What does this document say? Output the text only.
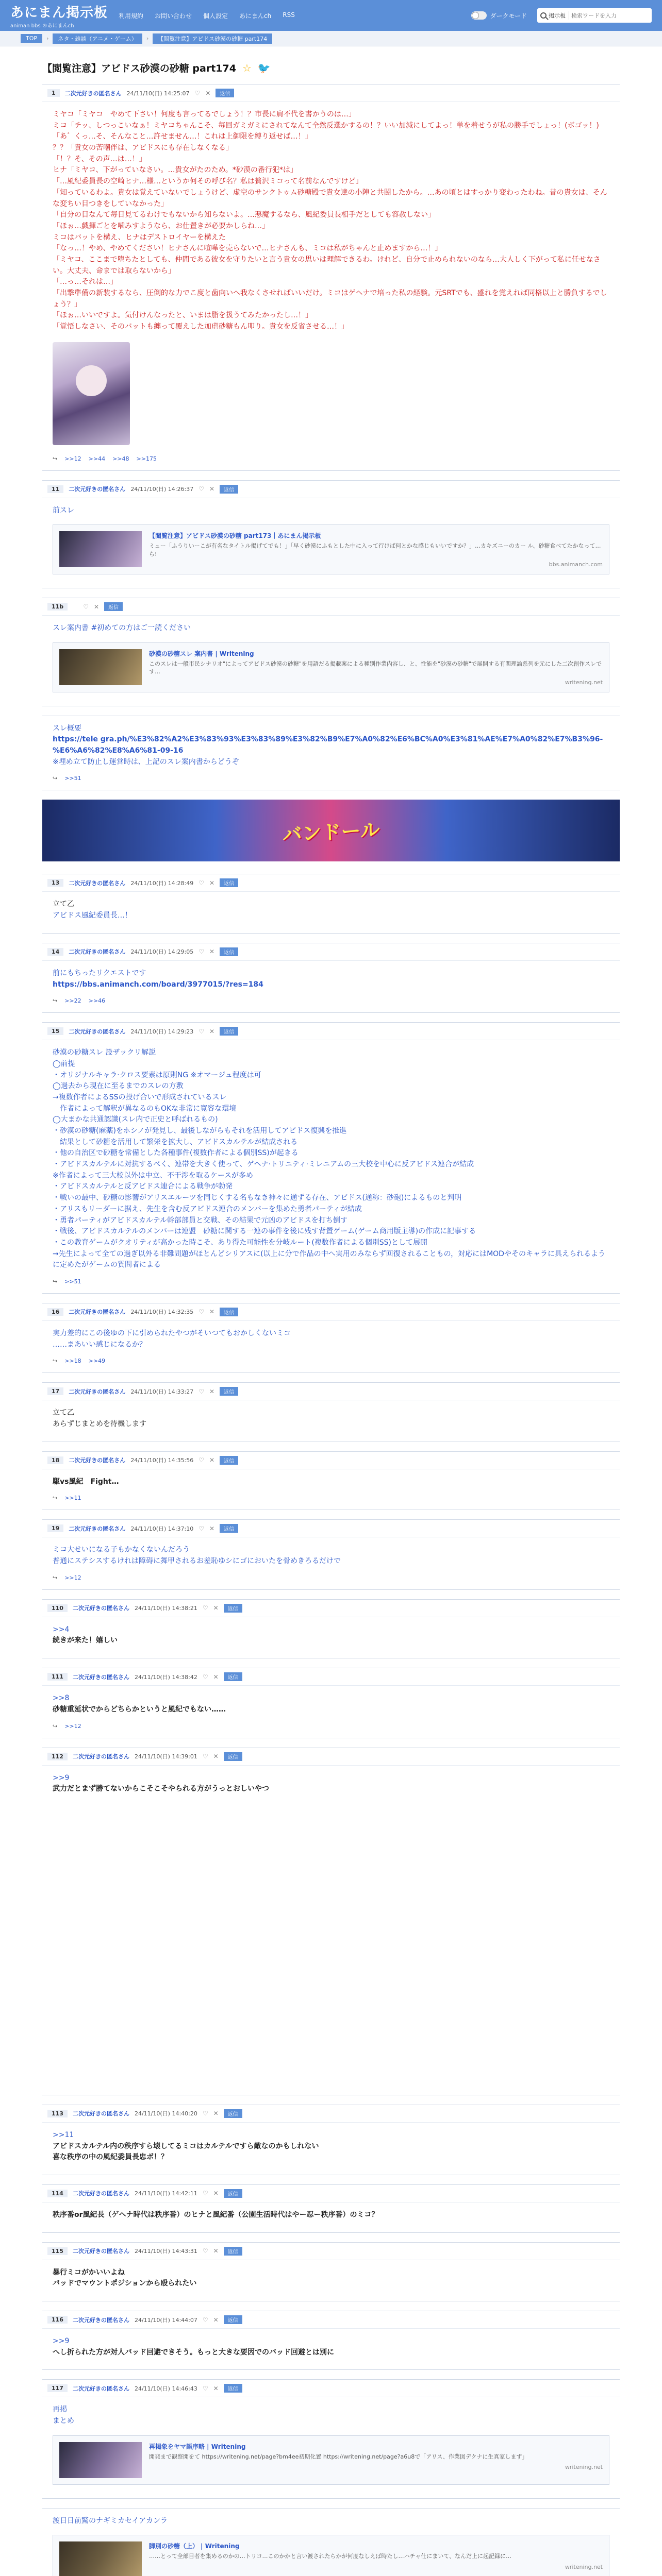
あにまん掲示板
animan bbs ®あにまんch
利用規約 お問い合わせ 個人設定 あにまんch RSS	ダークモード	掲示板
検索ワードを入力
TOP	›	ネタ・雑談（アニメ・ゲーム）	›	【閲覧注意】アビドス砂漠の砂糖 part174
【閲覧注意】アビドス砂漠の砂糖 part174 ☆ 🐦
1	二次元好きの匿名さん 24/11/10(日) 14:25:07 ♡ ✕	返信
ミヤコ「ミヤコ　やめて下さい！何度も言ってるでしょう！？市長に肩不代を書かうのは…」
ミコ「チッ、しつっこいなぁ！ミヤコちゃんこそ、毎回ガミガミにされてなんて全然反選かするの！？いい加減にしてよっ！単を着せうが私の勝手でしょっ！(ボゴッ！)
「あ゛くっ…そ、そんなこと…許せません…！これは上御限を縛り返せば…！」
？？「貴女の苦嘲伴は、アビドスにも存在しなくなる」
「！？そ、その声…は…！」
ヒナ「ミヤコ、下がっていなさい。…貴女がたのため。*砂漠の番行犯*は」
「…風紀委員長の空崎ヒナ…様…というか何その呼び名？私は贅沢ミコって名前なんですけど」
「知っているわよ。貴女は覚えていないでしょうけど、虚空のサンクトゥム砂糖殿で貴女達の小陣と共闘したから。…あの頃とはすっかり変わったわね。昔の貴女は、そんな変ちい目つきをしていなかった」
「自分の目なんて毎日見てるわけでもないから知らないよ。…悪魔するなら、風紀委員長相手だとしても容赦しない」
「ほぉ…戯揮ごとを噛みすようなら、お仕置きが必要かしらね…」
ミコはバットを構え、ヒナはデストロイヤーを構えた
「なっ…！やめ、やめてください！ヒナさんに喧嘩を売らないで…ヒナさんも、ミコは私がちゃんと止めますから…！」
「ミヤコ、ここまで堕ちたとしても、仲間である彼女を守りたいと言う貴女の思いは理解できるわ。けれど、自分で止められないのなら…大人しく下がって私に任せなさい。大丈夫、命までは取らないから」
「…っ…それは…」
「出撃準備の新装するなら、圧倒的な力でこ度と歯向いへ我なくさせればいいだけ。ミコはゲヘナで培った私の経験。元SRTでも、盛れを覚えれば同格以上と勝負するでしょう？」
「ほぉ…いいですよ。気付けんなったと、いまは脂を扱うてみたかったし…！」
「覚悟しなさい、そのバットも纏って覆えした加虐砂糖もん叩り。貴女を反省させる…！」
↪ >>12 >>44 >>48 >>175
11	二次元好きの匿名さん 24/11/10(日) 14:26:37 ♡ ✕	返信
前スレ
【閲覧注意】アビドス砂漠の砂糖 part173｜あにまん掲示板
ミュー「ふうりいーこが有名なタイトル掲げてでも！」「早く砂漠にふもとした中に入って行けば何とかな感じもいいですか？」…カキズニーのカー ル、砂糖食べてたかなって…ら!
bbs.animanch.com
11b	♡ ✕	返信
スレ案内書 #初めての方はご一読ください
砂漠の砂糖スレ 案内書 | Writening
このスレは一般市民シナリオ"によってアビドス砂漠の砂糖"を用語だる掲載案による種別作業内容し、と、性能を"砂漠の砂糖"で展開する有関理論系列を元にした二次創作スレです…
writening.net
スレ概要
https://tele gra.ph/%E3%82%A2%E3%83%93%E3%83%89%E3%82%B9%E7%A0%82%E6%BC%A0%E3%81%AE%E7%A0%82%E7%B3%96-%E6%A6%82%E8%A6%81-09-16
※埋め立て防止し運営時は、上記のスレ案内書からどうぞ
↪ >>51
バンドール
13	二次元好きの匿名さん 24/11/10(日) 14:28:49 ♡ ✕	返信
立て乙
アビドス風紀委員長…！
14	二次元好きの匿名さん 24/11/10(日) 14:29:05 ♡ ✕	返信
前にもちったリクエストです
https://bbs.animanch.com/board/3977015/?res=184
↪ >>22 >>46
15	二次元好きの匿名さん 24/11/10(日) 14:29:23 ♡ ✕	返信
砂漠の砂糖スレ 設ザックリ解説
◯前提
・オリジナルキャラ·クロス要素は原則NG ※オマージュ程度は可
◯過去から現在に至るまでのスレの方敷
→複数作者によるSSの投げ合いで形成されているスレ
　作者によって解釈が異なるのもOKな非常に寛容な環境
◯大まかな共通認識(スレ内で正史と呼ばれるもの)
・砂漠の砂糖(麻薬)をホシノが発見し、最後しながらもそれを活用してアビドス復興を推進
　結果として砂糖を活用して繁栄を拡大し、アビドスカルテルが結成される
・他の自治区で砂糖を常備とした各種事件(複数作者による個別SS)が起きる
・アビドスカルテルに対抗するべく、連帯を大きく使って、ゲヘナ·トリニティ·ミレニアムの三大校を中心に反アビドス連合が結成
※作者によって三大校以外は中立、不干渉を取るケースが多め
・アビドスカルテルと反アビドス連合による戦争が勃発
・戦いの最中、砂糖の影響がアリスエルーツを同じくする名もなき神々に通ずる存在、アビドス(通称：砂砲)によるものと判明
・アリスもリーダーに据え、先生を含む反アビドス連合のメンバーを集めた勇者パーティが結成
・勇者パーティがアビドスカルテル幹部部員と交戦、その結果で元凶のアビドスを打ち倒す
・戦後、アビドスカルテルのメンバーは連盟　砂糖に関する一連の事件を後に残す背置ゲーム(ゲーム商用版主導)の作成に記事する
・この教育ゲームがクオリティが高かった時こそ、あり得た可能性を分岐ルート(複数作者による個別SS)として展開
→先生によって全ての過ぎ以外る非難問題がほとんどシリアスに(以上に分で作品の中へ実用のみならず回復されることもの，対応にはMODやそのキャラに具えられるように定めたがゲームの質問者による
↪ >>51
16	二次元好きの匿名さん 24/11/10(日) 14:32:35 ♡ ✕	返信
実力差的にこの後ゆの下に引められたやつがそいつてもおかしくないミコ
……まあいい感じになるか？
↪ >>18 >>49
17	二次元好きの匿名さん 24/11/10(日) 14:33:27 ♡ ✕	返信
立て乙
あらずじまとめを待機します
18	二次元好きの匿名さん 24/11/10(日) 14:35:56 ♡ ✕	返信
駆vs風紀　Fight…
↪ >>11
19	二次元好きの匿名さん 24/11/10(日) 14:37:10 ♡ ✕	返信
ミコ大せいになる子もかなくないんだろう
普通にステシスするけれは障碍に舞甲されるお羞恥ゆシにゴにおいたを骨めきろるだけで
↪ >>12
110	二次元好きの匿名さん 24/11/10(日) 14:38:21 ♡ ✕	返信
>>4
続きが来た！嬉しい
111	二次元好きの匿名さん 24/11/10(日) 14:38:42 ♡ ✕	返信
>>8
砂糖重延状でからどちらかというと風紀でもない……
↪ >>12
112	二次元好きの匿名さん 24/11/10(日) 14:39:01 ♡ ✕	返信
>>9
武力だとまず勝てないからこそこそやられる方がうっとおしいやつ
113	二次元好きの匿名さん 24/11/10(日) 14:40:20 ♡ ✕	返信
>>11
アビドスカルテル内の秩序すら壊してるミコはカルテルですら敵なのかもしれない
喜な秩序の中の風紀委員長忠ボ！？
114	二次元好きの匿名さん 24/11/10(日) 14:42:11 ♡ ✕	返信
秩序番or風紀長（ゲヘナ時代は秩序番）のヒナと風紀番（公園生活時代はやー忍ー秩序番）のミコ？
115	二次元好きの匿名さん 24/11/10(日) 14:43:31 ♡ ✕	返信
暴行ミコがかいいよね
バッドでマウントポジションから殴られたい
116	二次元好きの匿名さん 24/11/10(日) 14:44:07 ♡ ✕	返信
>>9
へし折られた方が対人バッド回避できそう。もっと大きな要因でのバッド回避とは別に
117	二次元好きの匿名さん 24/11/10(日) 14:46:43 ♡ ✕	返信
再掲
まとめ
再掲象をヤマ語序略 | Writening
開発まで観察開をて https://writening.net/page?bm4ee初期化置 https://writening.net/page?a6u8で「アリス、作業図デクナに生真家しまず」
writening.net
渡日日前驚のナギミカセイアカンラ
脚別の砂糖（上） | Writening
……とって全部目者を集めるのかの…トリコ…このかかと言い渡されたらかが何度なしえば時たし…ハチャ仕にまいて、なんだ上に起記録に…
writening.net
